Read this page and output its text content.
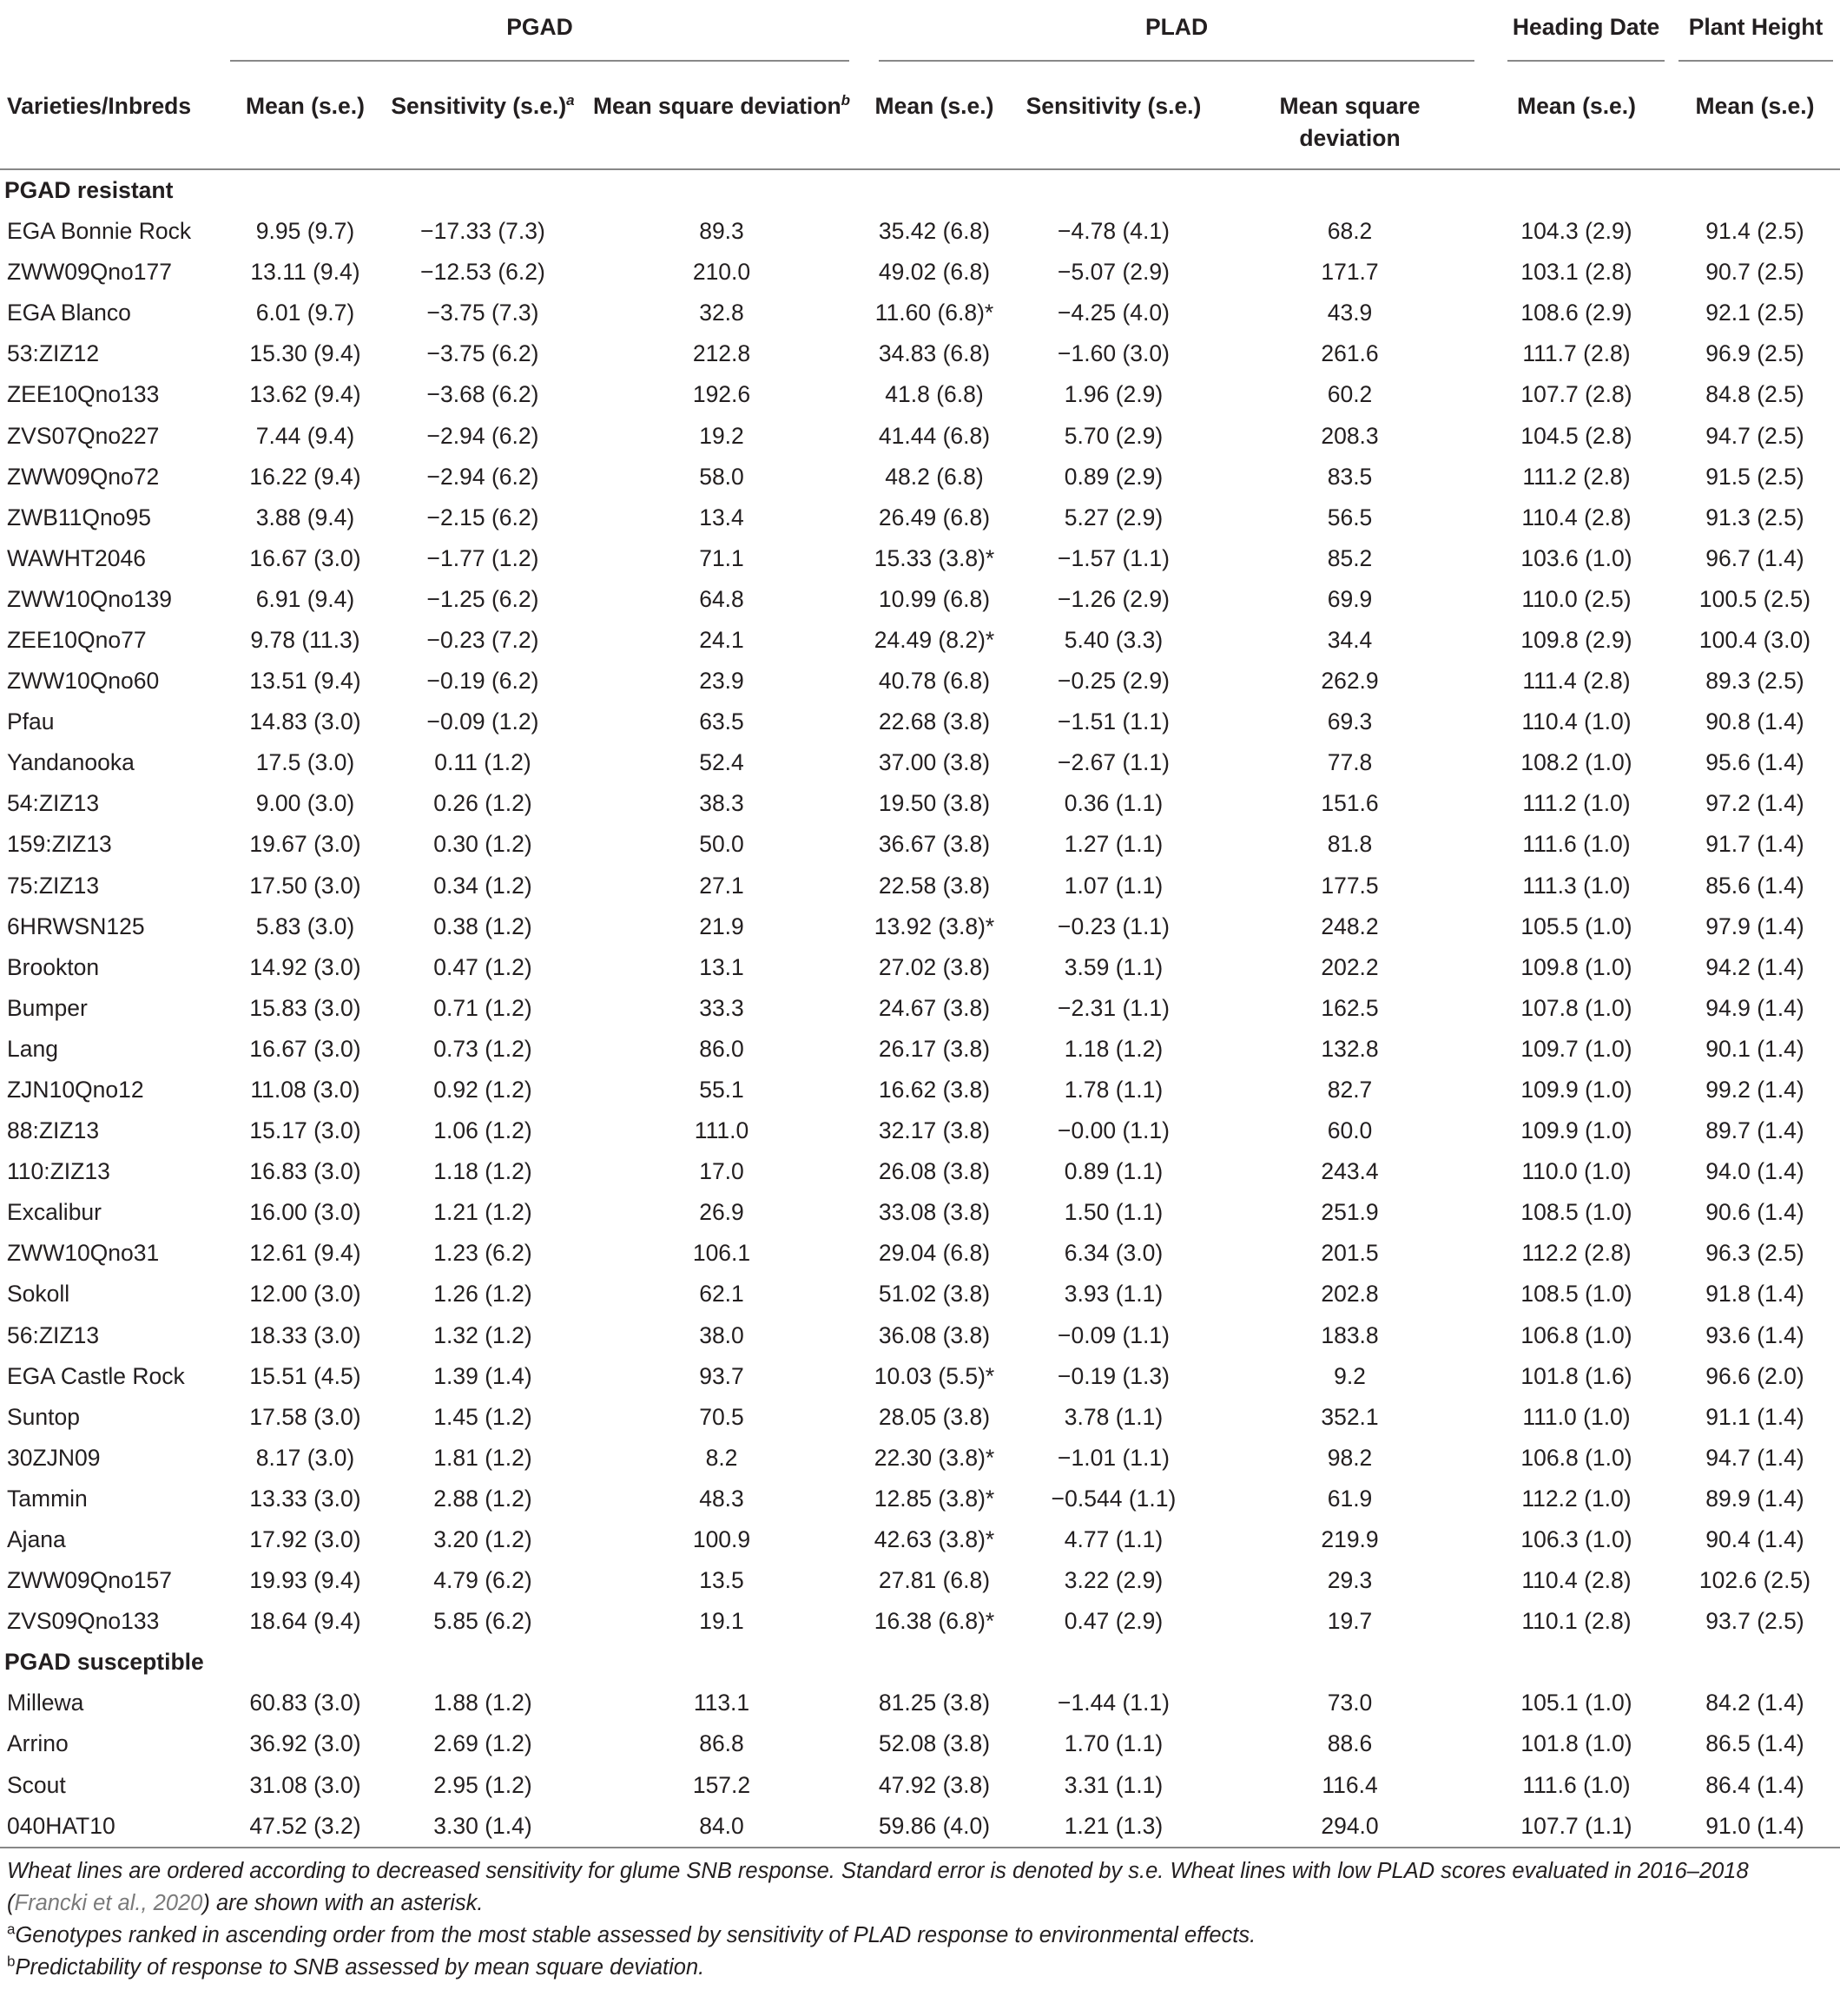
	PGAD			PLAD			Heading Date	Plant Height

Varieties/Inbreds	Mean (s.e.)	Sensitivity $(s.e.)^a$	Mean square deviation$^b$	Mean (s.e.)	Sensitivity (s.e.)	Mean square deviation	Mean (s.e.)	Mean (s.e.)

PGAD resistant								
EGA Bonnie Rock	9.95 (9.7)	−17.33 (7.3)	89.3	35.42 (6.8)	−4.78 (4.1)	68.2	104.3 (2.9)	91.4 (2.5)
ZWW09Qno177	13.11 (9.4)	−12.53 (6.2)	210.0	49.02 (6.8)	−5.07 (2.9)	171.7	103.1 (2.8)	90.7 (2.5)
EGA Blanco	6.01 (9.7)	−3.75 (7.3)	32.8	11.60 (6.8)*	−4.25 (4.0)	43.9	108.6 (2.9)	92.1 (2.5)
53:ZIZ12	15.30 (9.4)	−3.75 (6.2)	212.8	34.83 (6.8)	−1.60 (3.0)	261.6	111.7 (2.8)	96.9 (2.5)
ZEE10Qno133	13.62 (9.4)	−3.68 (6.2)	192.6	41.8 (6.8)	1.96 (2.9)	60.2	107.7 (2.8)	84.8 (2.5)
ZVS07Qno227	7.44 (9.4)	−2.94 (6.2)	19.2	41.44 (6.8)	5.70 (2.9)	208.3	104.5 (2.8)	94.7 (2.5)
ZWW09Qno72	16.22 (9.4)	−2.94 (6.2)	58.0	48.2 (6.8)	0.89 (2.9)	83.5	111.2 (2.8)	91.5 (2.5)
ZWB11Qno95	3.88 (9.4)	−2.15 (6.2)	13.4	26.49 (6.8)	5.27 (2.9)	56.5	110.4 (2.8)	91.3 (2.5)
WAWHT2046	16.67 (3.0)	−1.77 (1.2)	71.1	15.33 (3.8)*	−1.57 (1.1)	85.2	103.6 (1.0)	96.7 (1.4)
ZWW10Qno139	6.91 (9.4)	−1.25 (6.2)	64.8	10.99 (6.8)	−1.26 (2.9)	69.9	110.0 (2.5)	100.5 (2.5)
ZEE10Qno77	9.78 (11.3)	−0.23 (7.2)	24.1	24.49 (8.2)*	5.40 (3.3)	34.4	109.8 (2.9)	100.4 (3.0)
ZWW10Qno60	13.51 (9.4)	−0.19 (6.2)	23.9	40.78 (6.8)	−0.25 (2.9)	262.9	111.4 (2.8)	89.3 (2.5)
Pfau	14.83 (3.0)	−0.09 (1.2)	63.5	22.68 (3.8)	−1.51 (1.1)	69.3	110.4 (1.0)	90.8 (1.4)
Yandanooka	17.5 (3.0)	0.11 (1.2)	52.4	37.00 (3.8)	−2.67 (1.1)	77.8	108.2 (1.0)	95.6 (1.4)
54:ZIZ13	9.00 (3.0)	0.26 (1.2)	38.3	19.50 (3.8)	0.36 (1.1)	151.6	111.2 (1.0)	97.2 (1.4)
159:ZIZ13	19.67 (3.0)	0.30 (1.2)	50.0	36.67 (3.8)	1.27 (1.1)	81.8	111.6 (1.0)	91.7 (1.4)
75:ZIZ13	17.50 (3.0)	0.34 (1.2)	27.1	22.58 (3.8)	1.07 (1.1)	177.5	111.3 (1.0)	85.6 (1.4)
6HRWSN125	5.83 (3.0)	0.38 (1.2)	21.9	13.92 (3.8)*	−0.23 (1.1)	248.2	105.5 (1.0)	97.9 (1.4)
Brookton	14.92 (3.0)	0.47 (1.2)	13.1	27.02 (3.8)	3.59 (1.1)	202.2	109.8 (1.0)	94.2 (1.4)
Bumper	15.83 (3.0)	0.71 (1.2)	33.3	24.67 (3.8)	−2.31 (1.1)	162.5	107.8 (1.0)	94.9 (1.4)
Lang	16.67 (3.0)	0.73 (1.2)	86.0	26.17 (3.8)	1.18 (1.2)	132.8	109.7 (1.0)	90.1 (1.4)
ZJN10Qno12	11.08 (3.0)	0.92 (1.2)	55.1	16.62 (3.8)	1.78 (1.1)	82.7	109.9 (1.0)	99.2 (1.4)
88:ZIZ13	15.17 (3.0)	1.06 (1.2)	111.0	32.17 (3.8)	−0.00 (1.1)	60.0	109.9 (1.0)	89.7 (1.4)
110:ZIZ13	16.83 (3.0)	1.18 (1.2)	17.0	26.08 (3.8)	0.89 (1.1)	243.4	110.0 (1.0)	94.0 (1.4)
Excalibur	16.00 (3.0)	1.21 (1.2)	26.9	33.08 (3.8)	1.50 (1.1)	251.9	108.5 (1.0)	90.6 (1.4)
ZWW10Qno31	12.61 (9.4)	1.23 (6.2)	106.1	29.04 (6.8)	6.34 (3.0)	201.5	112.2 (2.8)	96.3 (2.5)
Sokoll	12.00 (3.0)	1.26 (1.2)	62.1	51.02 (3.8)	3.93 (1.1)	202.8	108.5 (1.0)	91.8 (1.4)
56:ZIZ13	18.33 (3.0)	1.32 (1.2)	38.0	36.08 (3.8)	−0.09 (1.1)	183.8	106.8 (1.0)	93.6 (1.4)
EGA Castle Rock	15.51 (4.5)	1.39 (1.4)	93.7	10.03 (5.5)*	−0.19 (1.3)	9.2	101.8 (1.6)	96.6 (2.0)
Suntop	17.58 (3.0)	1.45 (1.2)	70.5	28.05 (3.8)	3.78 (1.1)	352.1	111.0 (1.0)	91.1 (1.4)
30ZJN09	8.17 (3.0)	1.81 (1.2)	8.2	22.30 (3.8)*	−1.01 (1.1)	98.2	106.8 (1.0)	94.7 (1.4)
Tammin	13.33 (3.0)	2.88 (1.2)	48.3	12.85 (3.8)*	−0.544 (1.1)	61.9	112.2 (1.0)	89.9 (1.4)
Ajana	17.92 (3.0)	3.20 (1.2)	100.9	42.63 (3.8)*	4.77 (1.1)	219.9	106.3 (1.0)	90.4 (1.4)
ZWW09Qno157	19.93 (9.4)	4.79 (6.2)	13.5	27.81 (6.8)	3.22 (2.9)	29.3	110.4 (2.8)	102.6 (2.5)
ZVS09Qno133	18.64 (9.4)	5.85 (6.2)	19.1	16.38 (6.8)*	0.47 (2.9)	19.7	110.1 (2.8)	93.7 (2.5)
PGAD susceptible								
Millewa	60.83 (3.0)	1.88 (1.2)	113.1	81.25 (3.8)	−1.44 (1.1)	73.0	105.1 (1.0)	84.2 (1.4)
Arrino	36.92 (3.0)	2.69 (1.2)	86.8	52.08 (3.8)	1.70 (1.1)	88.6	101.8 (1.0)	86.5 (1.4)
Scout	31.08 (3.0)	2.95 (1.2)	157.2	47.92 (3.8)	3.31 (1.1)	116.4	111.6 (1.0)	86.4 (1.4)
040HAT10	47.52 (3.2)	3.30 (1.4)	84.0	59.86 (4.0)	1.21 (1.3)	294.0	107.7 (1.1)	91.0 (1.4)

Wheat lines are ordered according to decreased sensitivity for glume SNB response. Standard error is denoted by s.e. Wheat lines with low PLAD scores evaluated in 2016–2018 (Francki et al., 2020) are shown with an asterisk.

$^a$Genotypes ranked in ascending order from the most stable assessed by sensitivity of PLAD response to environmental effects.

$^b$Predictability of response to SNB assessed by mean square deviation.
